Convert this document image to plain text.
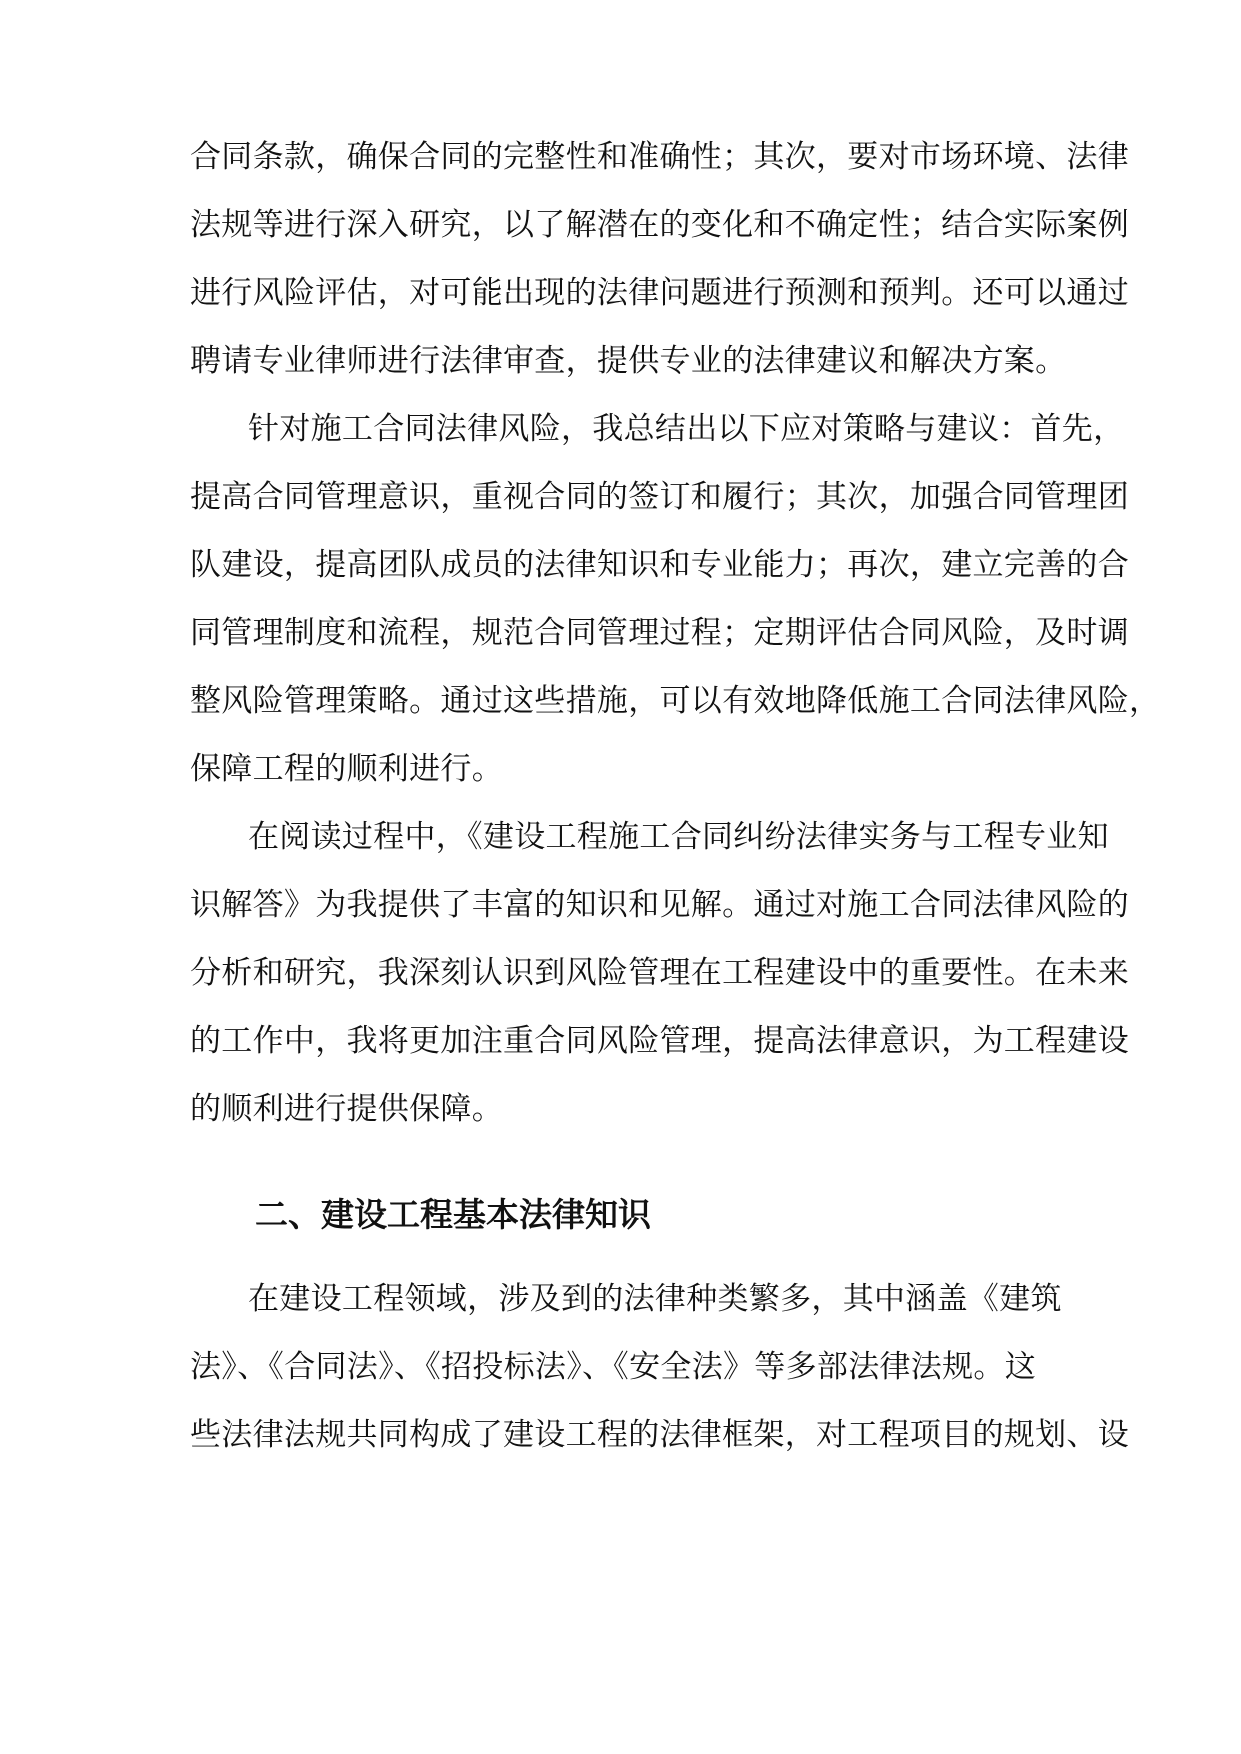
合同条款，确保合同的完整性和准确性；其次，要对市场环境、法律
法规等进行深入研究，以了解潜在的变化和不确定性；结合实际案例
进行风险评估，对可能出现的法律问题进行预测和预判。还可以通过
聘请专业律师进行法律审查，提供专业的法律建议和解决方案。
针对施工合同法律风险，我总结出以下应对策略与建议：首先，
提高合同管理意识，重视合同的签订和履行；其次，加强合同管理团
队建设，提高团队成员的法律知识和专业能力；再次，建立完善的合
同管理制度和流程，规范合同管理过程；定期评估合同风险，及时调
整风险管理策略。通过这些措施，可以有效地降低施工合同法律风险，
保障工程的顺利进行。
在阅读过程中，《建设工程施工合同纠纷法律实务与工程专业知
识解答》为我提供了丰富的知识和见解。通过对施工合同法律风险的
分析和研究，我深刻认识到风险管理在工程建设中的重要性。在未来
的工作中，我将更加注重合同风险管理，提高法律意识，为工程建设
的顺利进行提供保障。
二、建设工程基本法律知识
在建设工程领域，涉及到的法律种类繁多，其中涵盖《建筑
法》、《合同法》、《招投标法》、《安全法》等多部法律法规。这
些法律法规共同构成了建设工程的法律框架，对工程项目的规划、设
